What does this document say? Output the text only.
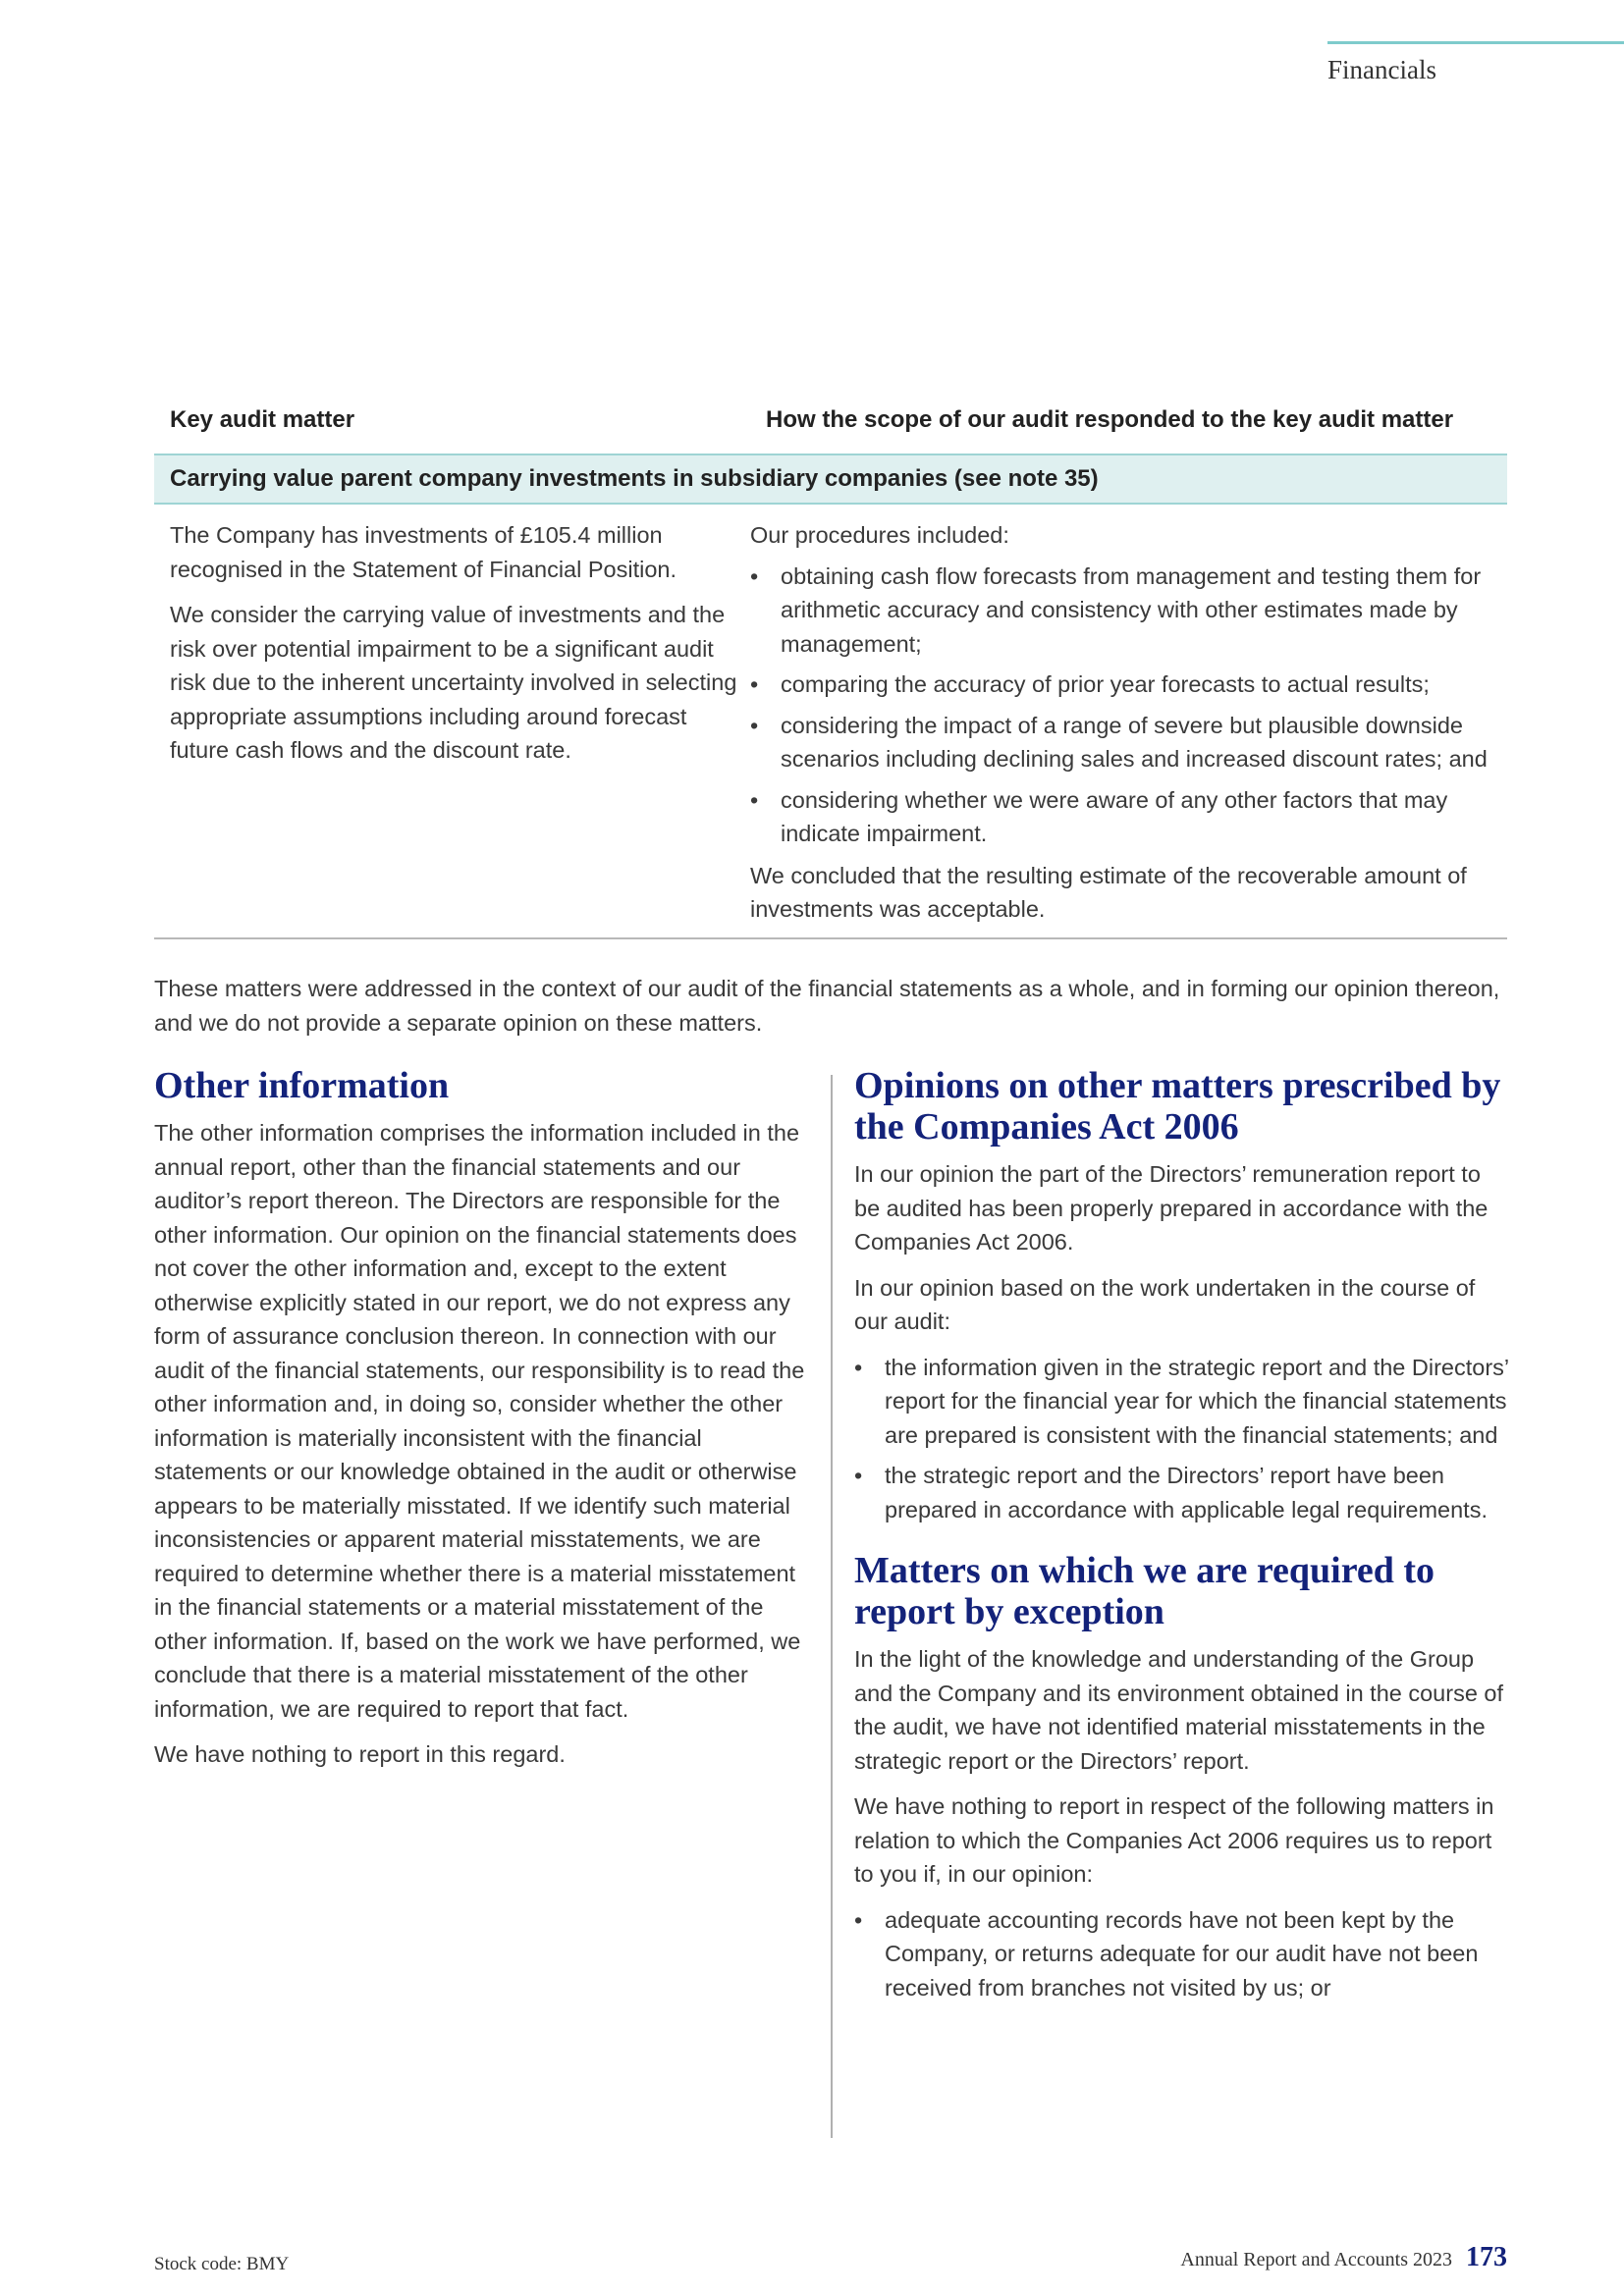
Financials
Key audit matter	How the scope of our audit responded to the key audit matter
Carrying value parent company investments in subsidiary companies (see note 35)

The Company has investments of £105.4 million recognised in the Statement of Financial Position.

We consider the carrying value of investments and the risk over potential impairment to be a significant audit risk due to the inherent uncertainty involved in selecting appropriate assumptions including around forecast future cash flows and the discount rate.

Our procedures included:

• obtaining cash flow forecasts from management and testing them for arithmetic accuracy and consistency with other estimates made by management;
• comparing the accuracy of prior year forecasts to actual results;
• considering the impact of a range of severe but plausible downside scenarios including declining sales and increased discount rates; and
• considering whether we were aware of any other factors that may indicate impairment.

We concluded that the resulting estimate of the recoverable amount of investments was acceptable.

These matters were addressed in the context of our audit of the financial statements as a whole, and in forming our opinion thereon, and we do not provide a separate opinion on these matters.

Other information

The other information comprises the information included in the annual report, other than the financial statements and our auditor’s report thereon. The Directors are responsible for the other information. Our opinion on the financial statements does not cover the other information and, except to the extent otherwise explicitly stated in our report, we do not express any form of assurance conclusion thereon. In connection with our audit of the financial statements, our responsibility is to read the other information and, in doing so, consider whether the other information is materially inconsistent with the financial statements or our knowledge obtained in the audit or otherwise appears to be materially misstated. If we identify such material inconsistencies or apparent material misstatements, we are required to determine whether there is a material misstatement in the financial statements or a material misstatement of the other information. If, based on the work we have performed, we conclude that there is a material misstatement of the other information, we are required to report that fact.

We have nothing to report in this regard.

Opinions on other matters prescribed by the Companies Act 2006

In our opinion the part of the Directors’ remuneration report to be audited has been properly prepared in accordance with the Companies Act 2006.

In our opinion based on the work undertaken in the course of our audit:

• the information given in the strategic report and the Directors’ report for the financial year for which the financial statements are prepared is consistent with the financial statements; and
• the strategic report and the Directors’ report have been prepared in accordance with applicable legal requirements.
Matters on which we are required to report by exception

In the light of the knowledge and understanding of the Group and the Company and its environment obtained in the course of the audit, we have not identified material misstatements in the strategic report or the Directors’ report.

We have nothing to report in respect of the following matters in relation to which the Companies Act 2006 requires us to report to you if, in our opinion:

• adequate accounting records have not been kept by the Company, or returns adequate for our audit have not been received from branches not visited by us; or
Stock code: BMY	Annual Report and Accounts 2023 173
